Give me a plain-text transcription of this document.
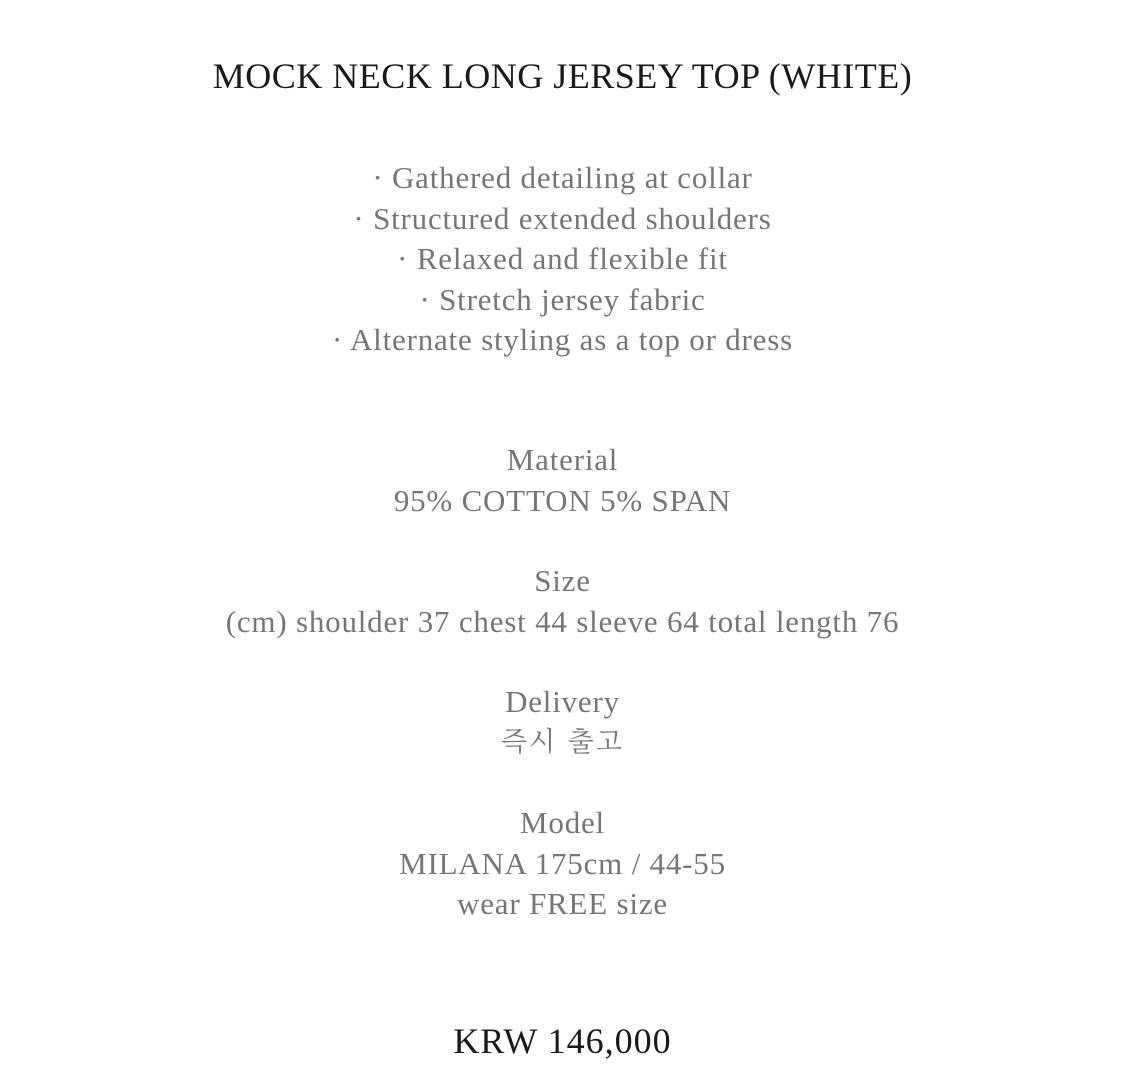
MOCK NECK LONG JERSEY TOP (WHITE)
· Gathered detailing at collar
· Structured extended shoulders
· Relaxed and flexible fit
· Stretch jersey fabric
· Alternate styling as a top or dress
Material
95% COTTON 5% SPAN
Size
(cm) shoulder 37 chest 44 sleeve 64 total length 76
Delivery
즉시 출고
Model
MILANA 175cm / 44-55
wear FREE size

KRW 146,000
